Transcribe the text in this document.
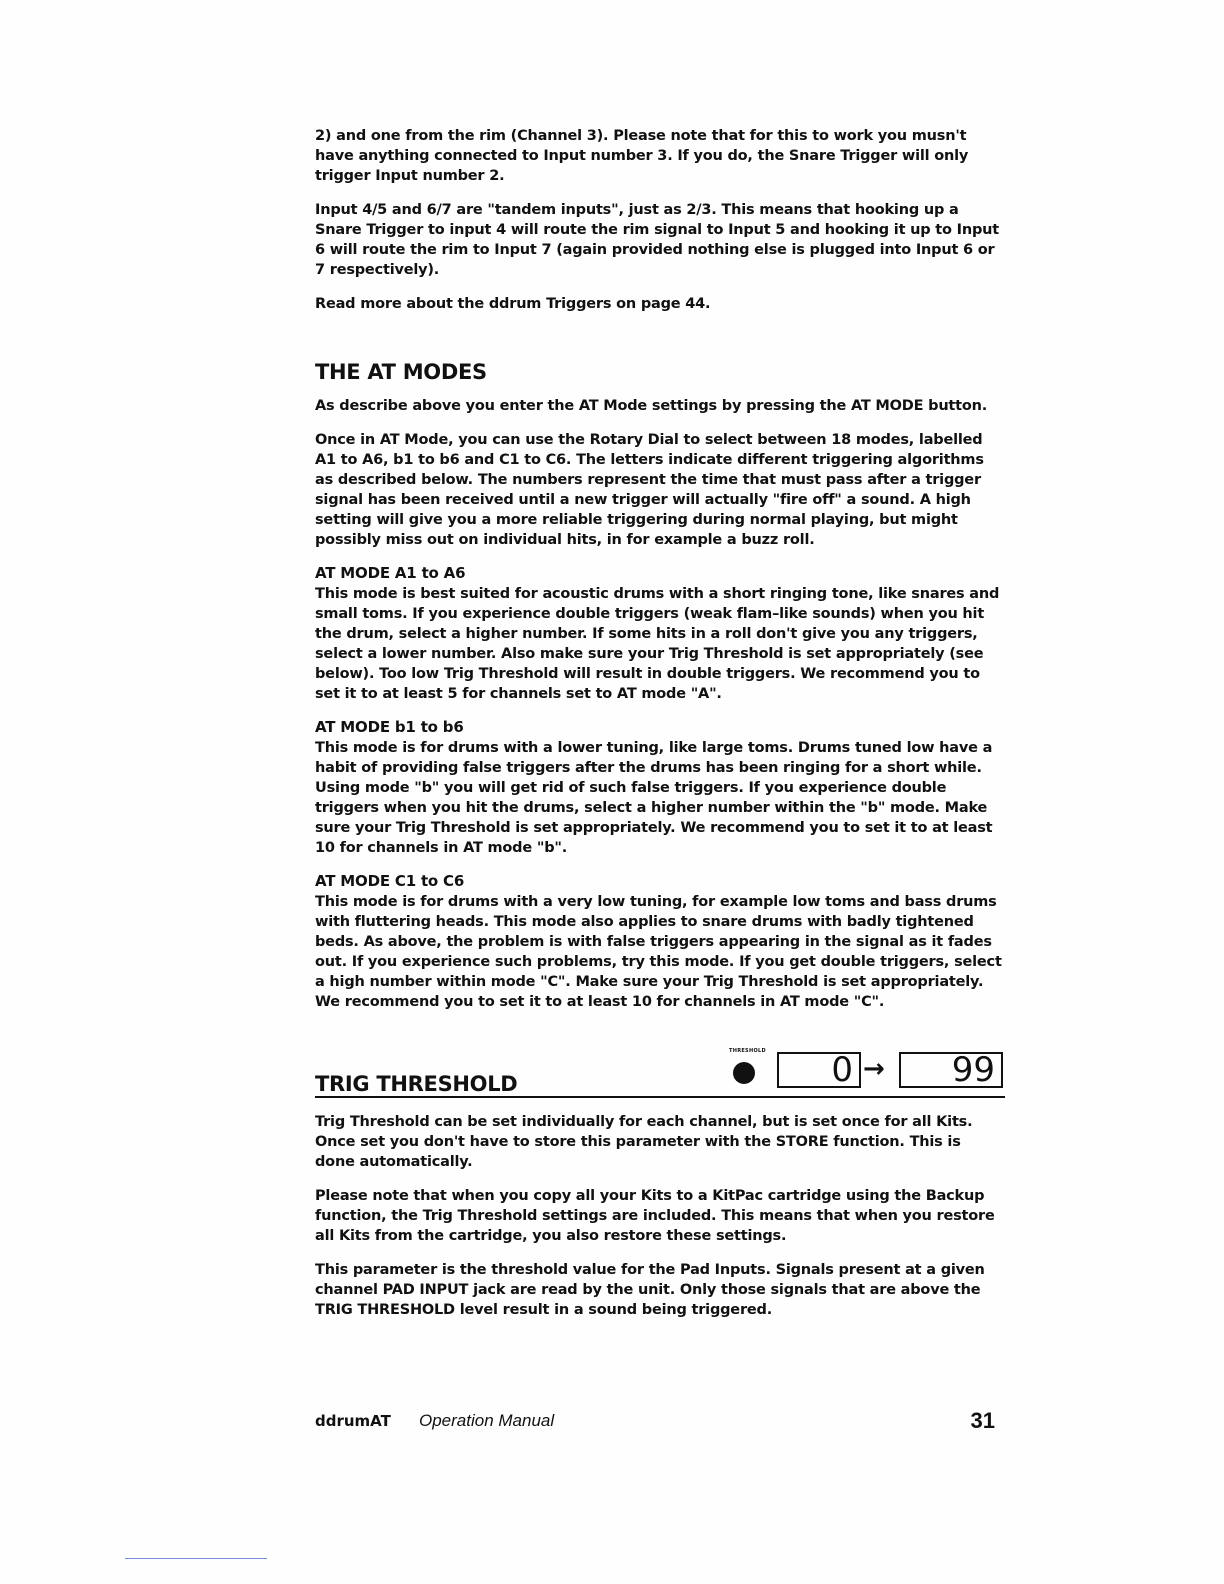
2) and one from the rim (Channel 3). Please note that for this to work you musn't have anything connected to Input number 3. If you do, the Snare Trigger will only trigger Input number 2.

Input 4/5 and 6/7 are "tandem inputs", just as 2/3. This means that hooking up a Snare Trigger to input 4 will route the rim signal to Input 5 and hooking it up to Input 6 will route the rim to Input 7 (again provided nothing else is plugged into Input 6 or 7 respectively).

Read more about the ddrum Triggers on page 44.

THE AT MODES

As describe above you enter the AT Mode settings by pressing the AT MODE button.

Once in AT Mode, you can use the Rotary Dial to select between 18 modes, labelled A1 to A6, b1 to b6 and C1 to C6. The letters indicate different triggering algorithms as described below. The numbers represent the time that must pass after a trigger signal has been received until a new trigger will actually "fire off" a sound. A high setting will give you a more reliable triggering during normal playing, but might possibly miss out on individual hits, in for example a buzz roll.

AT MODE A1 to A6

This mode is best suited for acoustic drums with a short ringing tone, like snares and small toms. If you experience double triggers (weak flam–like sounds) when you hit the drum, select a higher number. If some hits in a roll don't give you any triggers, select a lower number. Also make sure your Trig Threshold is set appropriately (see below). Too low Trig Threshold will result in double triggers. We recommend you to set it to at least 5 for channels set to AT mode "A".

AT MODE b1 to b6

This mode is for drums with a lower tuning, like large toms. Drums tuned low have a habit of providing false triggers after the drums has been ringing for a short while. Using mode "b" you will get rid of such false triggers. If you experience double triggers when you hit the drums, select a higher number within the "b" mode. Make sure your Trig Threshold is set appropriately. We recommend you to set it to at least 10 for channels in AT mode "b".

AT MODE C1 to C6

This mode is for drums with a very low tuning, for example low toms and bass drums with fluttering heads. This mode also applies to snare drums with badly tightened beds. As above, the problem is with false triggers appearing in the signal as it fades out. If you experience such problems, try this mode. If you get double triggers, select a high number within mode "C". Make sure your Trig Threshold is set appropriately. We recommend you to set it to at least 10 for channels in AT mode "C".

TRIG THRESHOLD
THRESHOLD	0 →	99

Trig Threshold can be set individually for each channel, but is set once for all Kits. Once set you don't have to store this parameter with the STORE function. This is done automatically.

Please note that when you copy all your Kits to a KitPac cartridge using the Backup function, the Trig Threshold settings are included. This means that when you restore all Kits from the cartridge, you also restore these settings.

This parameter is the threshold value for the Pad Inputs. Signals present at a given channel PAD INPUT jack are read by the unit. Only those signals that are above the TRIG THRESHOLD level result in a sound being triggered.

ddrumAT Operation Manual	31
